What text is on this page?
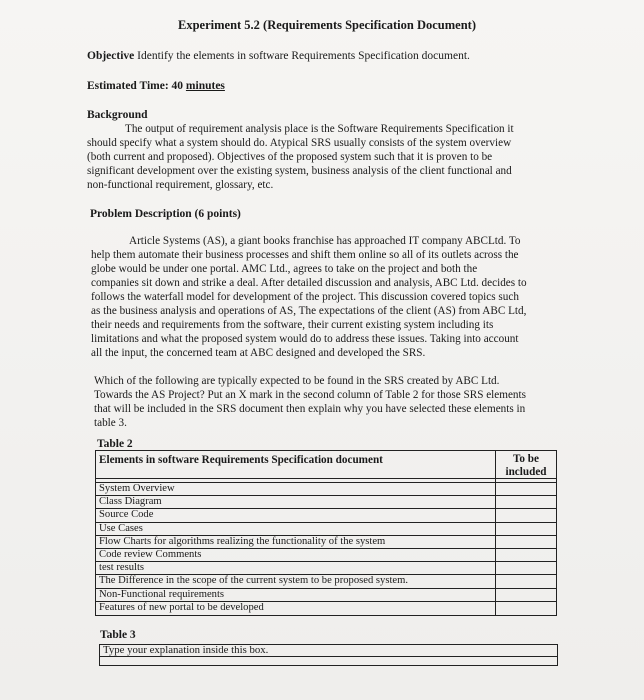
Experiment 5.2 (Requirements Specification Document)
Objective Identify the elements in software Requirements Specification document.
Estimated Time: 40 minutes
Background

The output of requirement analysis place is the Software Requirements Specification it

should specify what a system should do. Atypical SRS usually consists of the system overview

(both current and proposed). Objectives of the proposed system such that it is proven to be

significant development over the existing system, business analysis of the client functional and

non-functional requirement, glossary, etc.

Problem Description (6 points)

Article Systems (AS), a giant books franchise has approached IT company ABCLtd. To

help them automate their business processes and shift them online so all of its outlets across the

globe would be under one portal. AMC Ltd., agrees to take on the project and both the

companies sit down and strike a deal. After detailed discussion and analysis, ABC Ltd. decides to

follows the waterfall model for development of the project. This discussion covered topics such

as the business analysis and operations of AS, The expectations of the client (AS) from ABC Ltd,

their needs and requirements from the software, their current existing system including its

limitations and what the proposed system would do to address these issues. Taking into account

all the input, the concerned team at ABC designed and developed the SRS.

Which of the following are typically expected to be found in the SRS created by ABC Ltd.

Towards the AS Project? Put an X mark in the second column of Table 2 for those SRS elements

that will be included in the SRS document then explain why you have selected these elements in

table 3.

Table 2
Elements in software Requirements Specification document	To be
included
System Overview
Class Diagram
Source Code
Use Cases
Flow Charts for algorithms realizing the functionality of the system
Code review Comments
test results
The Difference in the scope of the current system to be proposed system.
Non-Functional requirements
Features of new portal to be developed
Table 3
Type your explanation inside this box.
